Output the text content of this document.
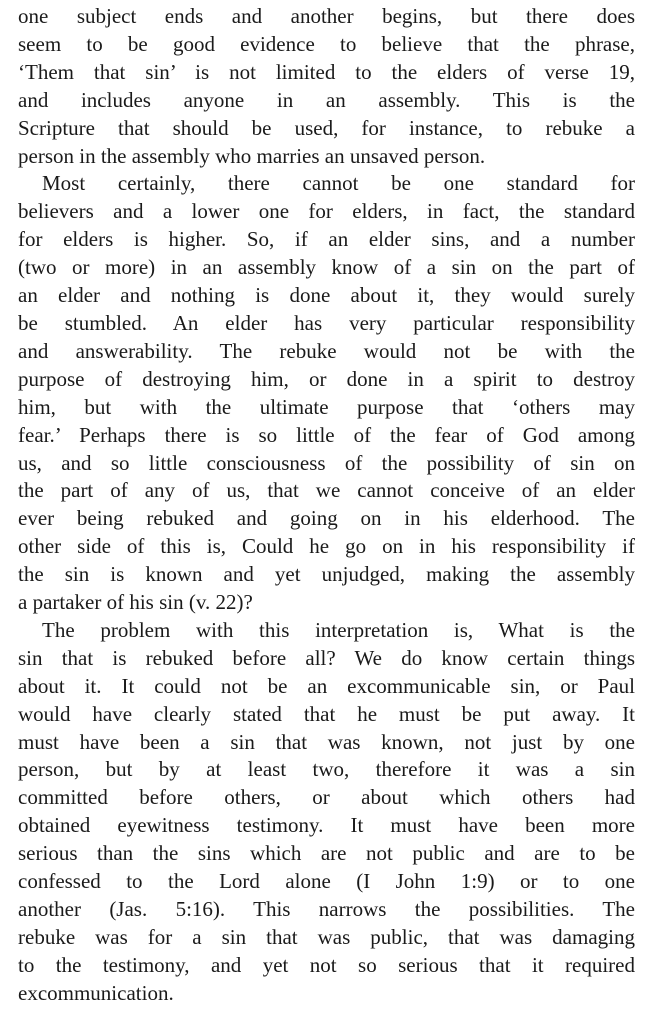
one subject ends and another begins, but there does
seem to be good evidence to believe that the phrase,
‘Them that sin’ is not limited to the elders of verse 19,
and includes anyone in an assembly. This is the
Scripture that should be used, for instance, to rebuke a
person in the assembly who marries an unsaved person.
Most certainly, there cannot be one standard for
believers and a lower one for elders, in fact, the standard
for elders is higher. So, if an elder sins, and a number
(two or more) in an assembly know of a sin on the part of
an elder and nothing is done about it, they would surely
be stumbled. An elder has very particular responsibility
and answerability. The rebuke would not be with the
purpose of destroying him, or done in a spirit to destroy
him, but with the ultimate purpose that ‘others may
fear.’ Perhaps there is so little of the fear of God among
us, and so little consciousness of the possibility of sin on
the part of any of us, that we cannot conceive of an elder
ever being rebuked and going on in his elderhood. The
other side of this is, Could he go on in his responsibility if
the sin is known and yet unjudged, making the assembly
a partaker of his sin (v. 22)?
The problem with this interpretation is, What is the
sin that is rebuked before all? We do know certain things
about it. It could not be an excommunicable sin, or Paul
would have clearly stated that he must be put away. It
must have been a sin that was known, not just by one
person, but by at least two, therefore it was a sin
committed before others, or about which others had
obtained eyewitness testimony. It must have been more
serious than the sins which are not public and are to be
confessed to the Lord alone (I John 1:9) or to one
another (Jas. 5:16). This narrows the possibilities. The
rebuke was for a sin that was public, that was damaging
to the testimony, and yet not so serious that it required
excommunication.
